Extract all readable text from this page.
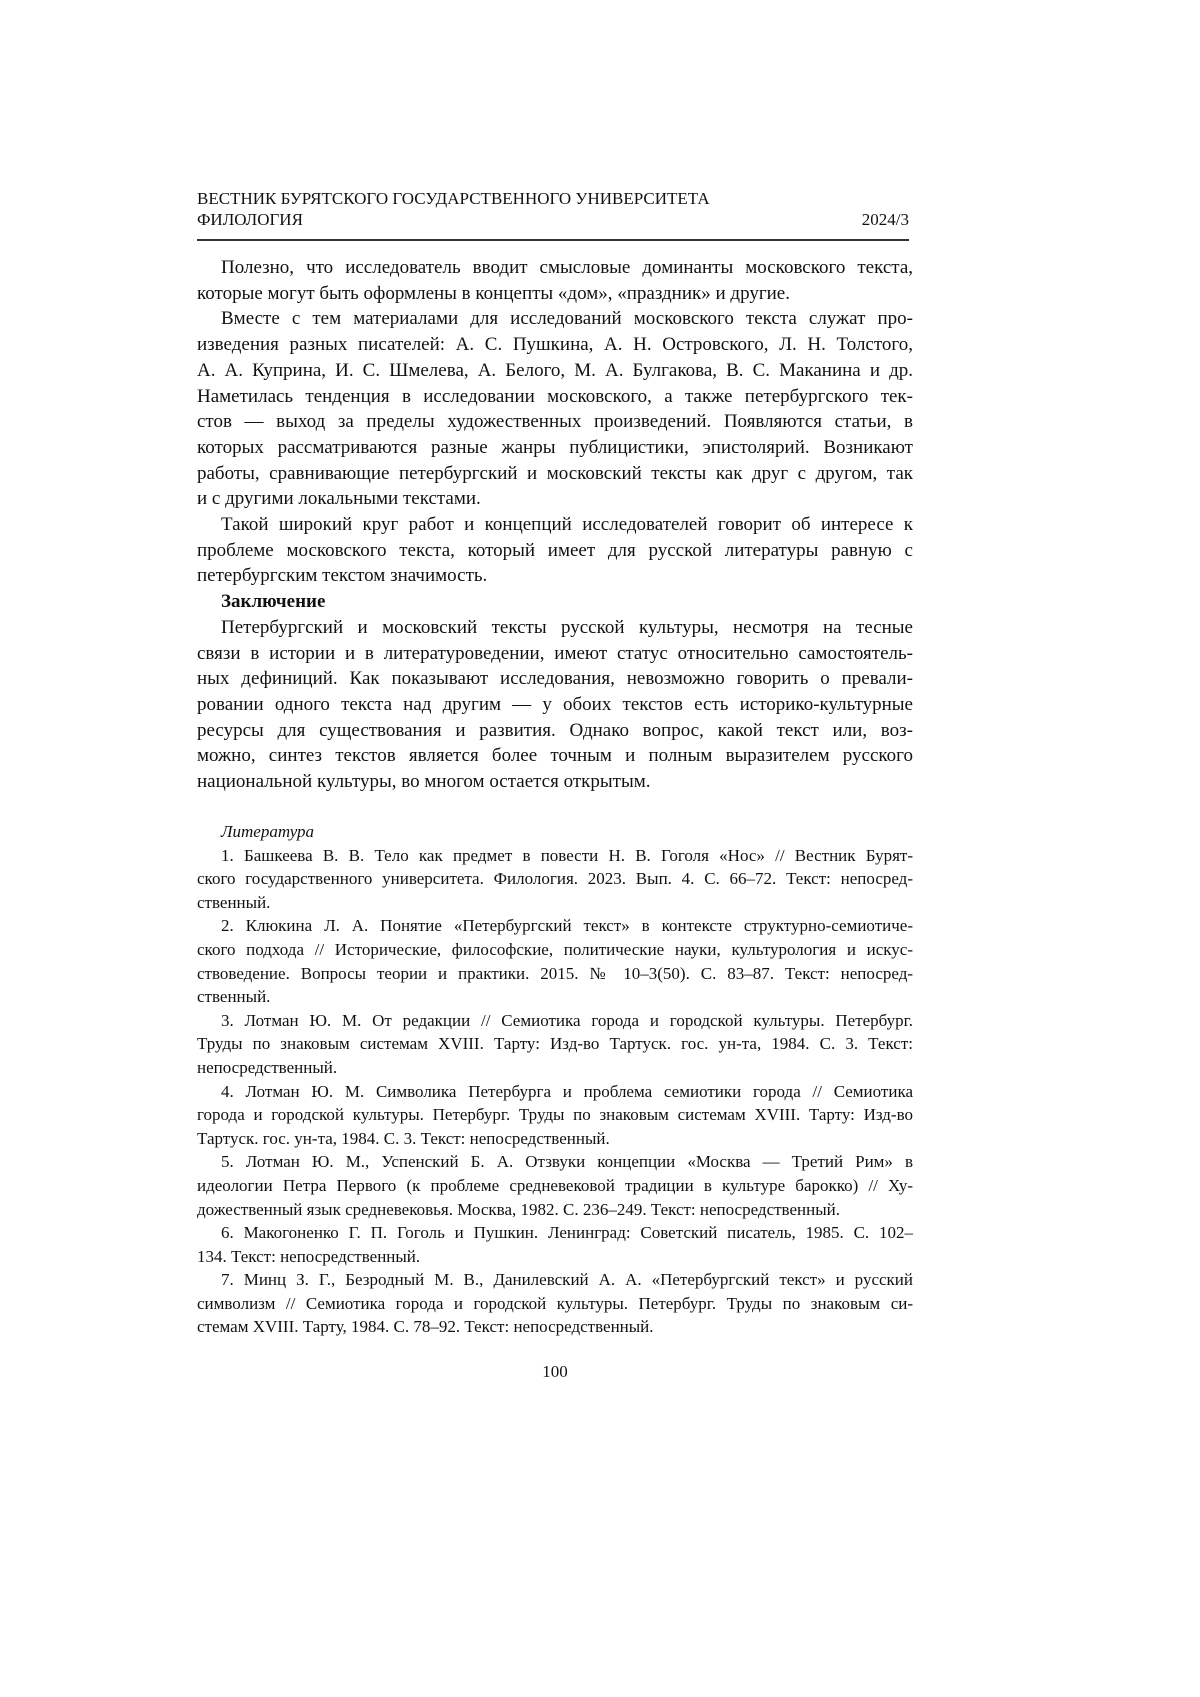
ВЕСТНИК БУРЯТСКОГО ГОСУДАРСТВЕННОГО УНИВЕРСИТЕТА
ФИЛОЛОГИЯ	2024/3
Полезно, что исследователь вводит смысловые доминанты московского текста,
которые могут быть оформлены в концепты «дом», «праздник» и другие.
Вместе с тем материалами для исследований московского текста служат про-
изведения разных писателей: А. С. Пушкина, А. Н. Островского, Л. Н. Толстого,
А. А. Куприна, И. С. Шмелева, А. Белого, М. А. Булгакова, В. С. Маканина и др.
Наметилась тенденция в исследовании московского, а также петербургского тек-
стов — выход за пределы художественных произведений. Появляются статьи, в
которых рассматриваются разные жанры публицистики, эпистолярий. Возникают
работы, сравнивающие петербургский и московский тексты как друг с другом, так
и с другими локальными текстами.
Такой широкий круг работ и концепций исследователей говорит об интересе к
проблеме московского текста, который имеет для русской литературы равную с
петербургским текстом значимость.
Заключение
Петербургский и московский тексты русской культуры, несмотря на тесные
связи в истории и в литературоведении, имеют статус относительно самостоятель-
ных дефиниций. Как показывают исследования, невозможно говорить о превали-
ровании одного текста над другим — у обоих текстов есть историко-культурные
ресурсы для существования и развития. Однако вопрос, какой текст или, воз-
можно, синтез текстов является более точным и полным выразителем русского
национальной культуры, во многом остается открытым.
Литература
1. Башкеева В. В. Тело как предмет в повести Н. В. Гоголя «Нос» // Вестник Бурят-
ского государственного университета. Филология. 2023. Вып. 4. С. 66–72. Текст: непосред-
ственный.
2. Клюкина Л. А. Понятие «Петербургский текст» в контексте структурно-семиотиче-
ского подхода // Исторические, философские, политические науки, культурология и искус-
ствоведение. Вопросы теории и практики. 2015. № 10–3(50). С. 83–87. Текст: непосред-
ственный.
3. Лотман Ю. М. От редакции // Семиотика города и городской культуры. Петербург.
Труды по знаковым системам XVIII. Тарту: Изд-во Тартуск. гос. ун-та, 1984. С. 3. Текст:
непосредственный.
4. Лотман Ю. М. Символика Петербурга и проблема семиотики города // Семиотика
города и городской культуры. Петербург. Труды по знаковым системам XVIII. Тарту: Изд-во
Тартуск. гос. ун-та, 1984. С. 3. Текст: непосредственный.
5. Лотман Ю. М., Успенский Б. А. Отзвуки концепции «Москва — Третий Рим» в
идеологии Петра Первого (к проблеме средневековой традиции в культуре барокко) // Ху-
дожественный язык средневековья. Москва, 1982. С. 236–249. Текст: непосредственный.
6. Макогоненко Г. П. Гоголь и Пушкин. Ленинград: Советский писатель, 1985. С. 102–
134. Текст: непосредственный.
7. Минц З. Г., Безродный М. В., Данилевский А. А. «Петербургский текст» и русский
символизм // Семиотика города и городской культуры. Петербург. Труды по знаковым си-
стемам XVIII. Тарту, 1984. С. 78–92. Текст: непосредственный.
100
